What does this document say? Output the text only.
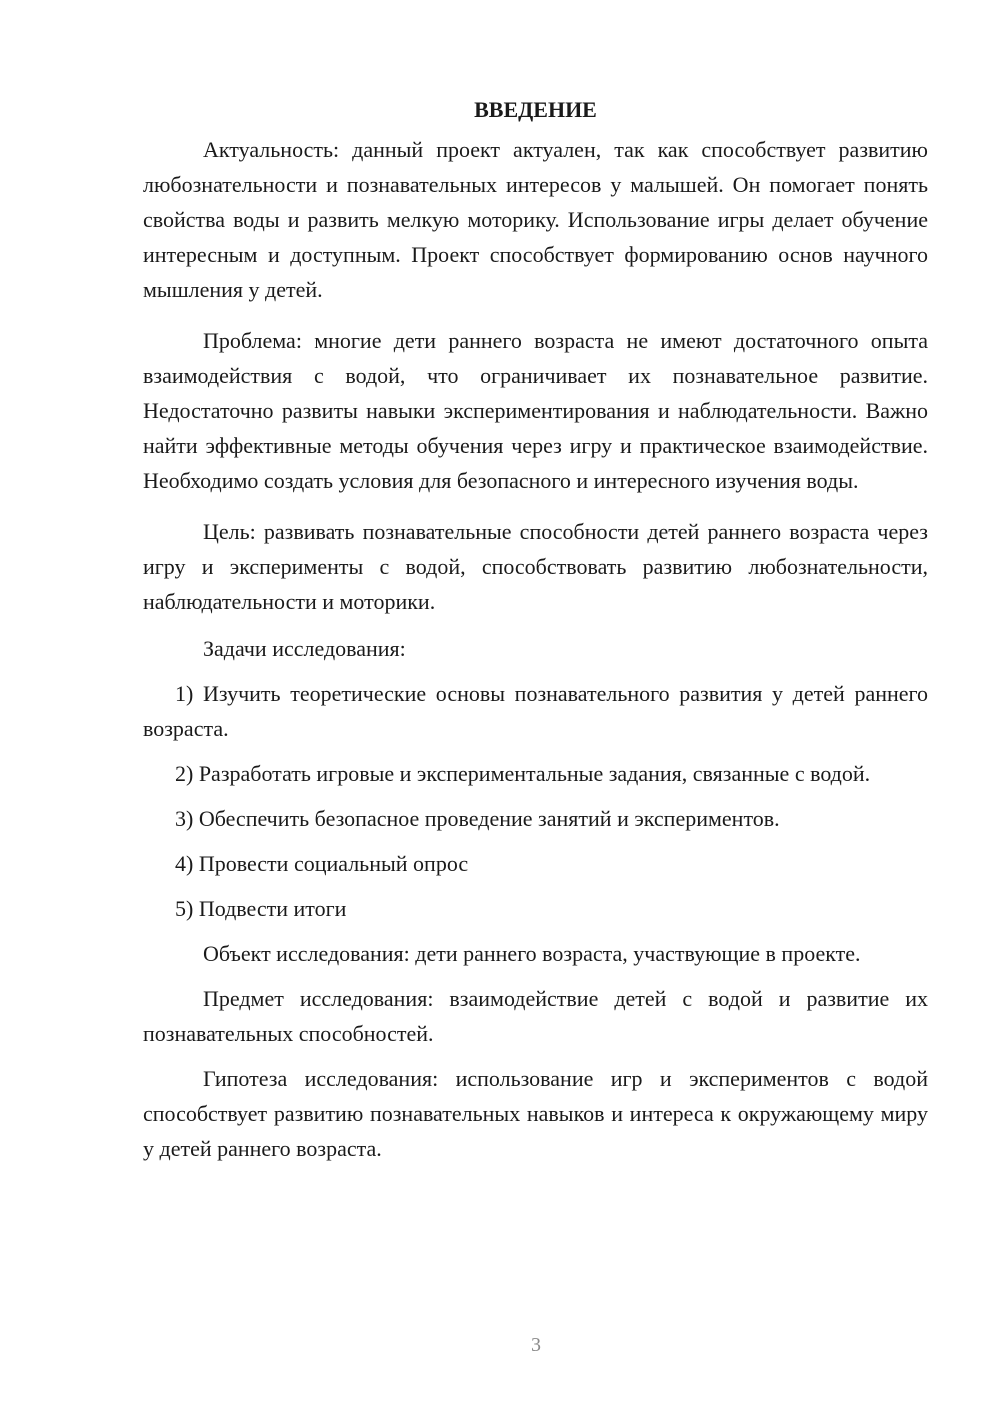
ВВЕДЕНИЕ

Актуальность: данный проект актуален, так как способствует развитию любознательности и познавательных интересов у малышей. Он помогает понять свойства воды и развить мелкую моторику. Использование игры делает обучение интересным и доступным. Проект способствует формированию основ научного мышления у детей.

Проблема: многие дети раннего возраста не имеют достаточного опыта взаимодействия с водой, что ограничивает их познавательное развитие. Недостаточно развиты навыки экспериментирования и наблюдательности. Важно найти эффективные методы обучения через игру и практическое взаимодействие. Необходимо создать условия для безопасного и интересного изучения воды.

Цель: развивать познавательные способности детей раннего возраста через игру и эксперименты с водой, способствовать развитию любознательности, наблюдательности и моторики.

Задачи исследования:

1) Изучить теоретические основы познавательного развития у детей раннего возраста.

2) Разработать игровые и экспериментальные задания, связанные с водой.

3) Обеспечить безопасное проведение занятий и экспериментов.

4) Провести социальный опрос

5) Подвести итоги

Объект исследования: дети раннего возраста, участвующие в проекте.

Предмет исследования: взаимодействие детей с водой и развитие их познавательных способностей.

Гипотеза исследования: использование игр и экспериментов с водой способствует развитию познавательных навыков и интереса к окружающему миру у детей раннего возраста.

3
